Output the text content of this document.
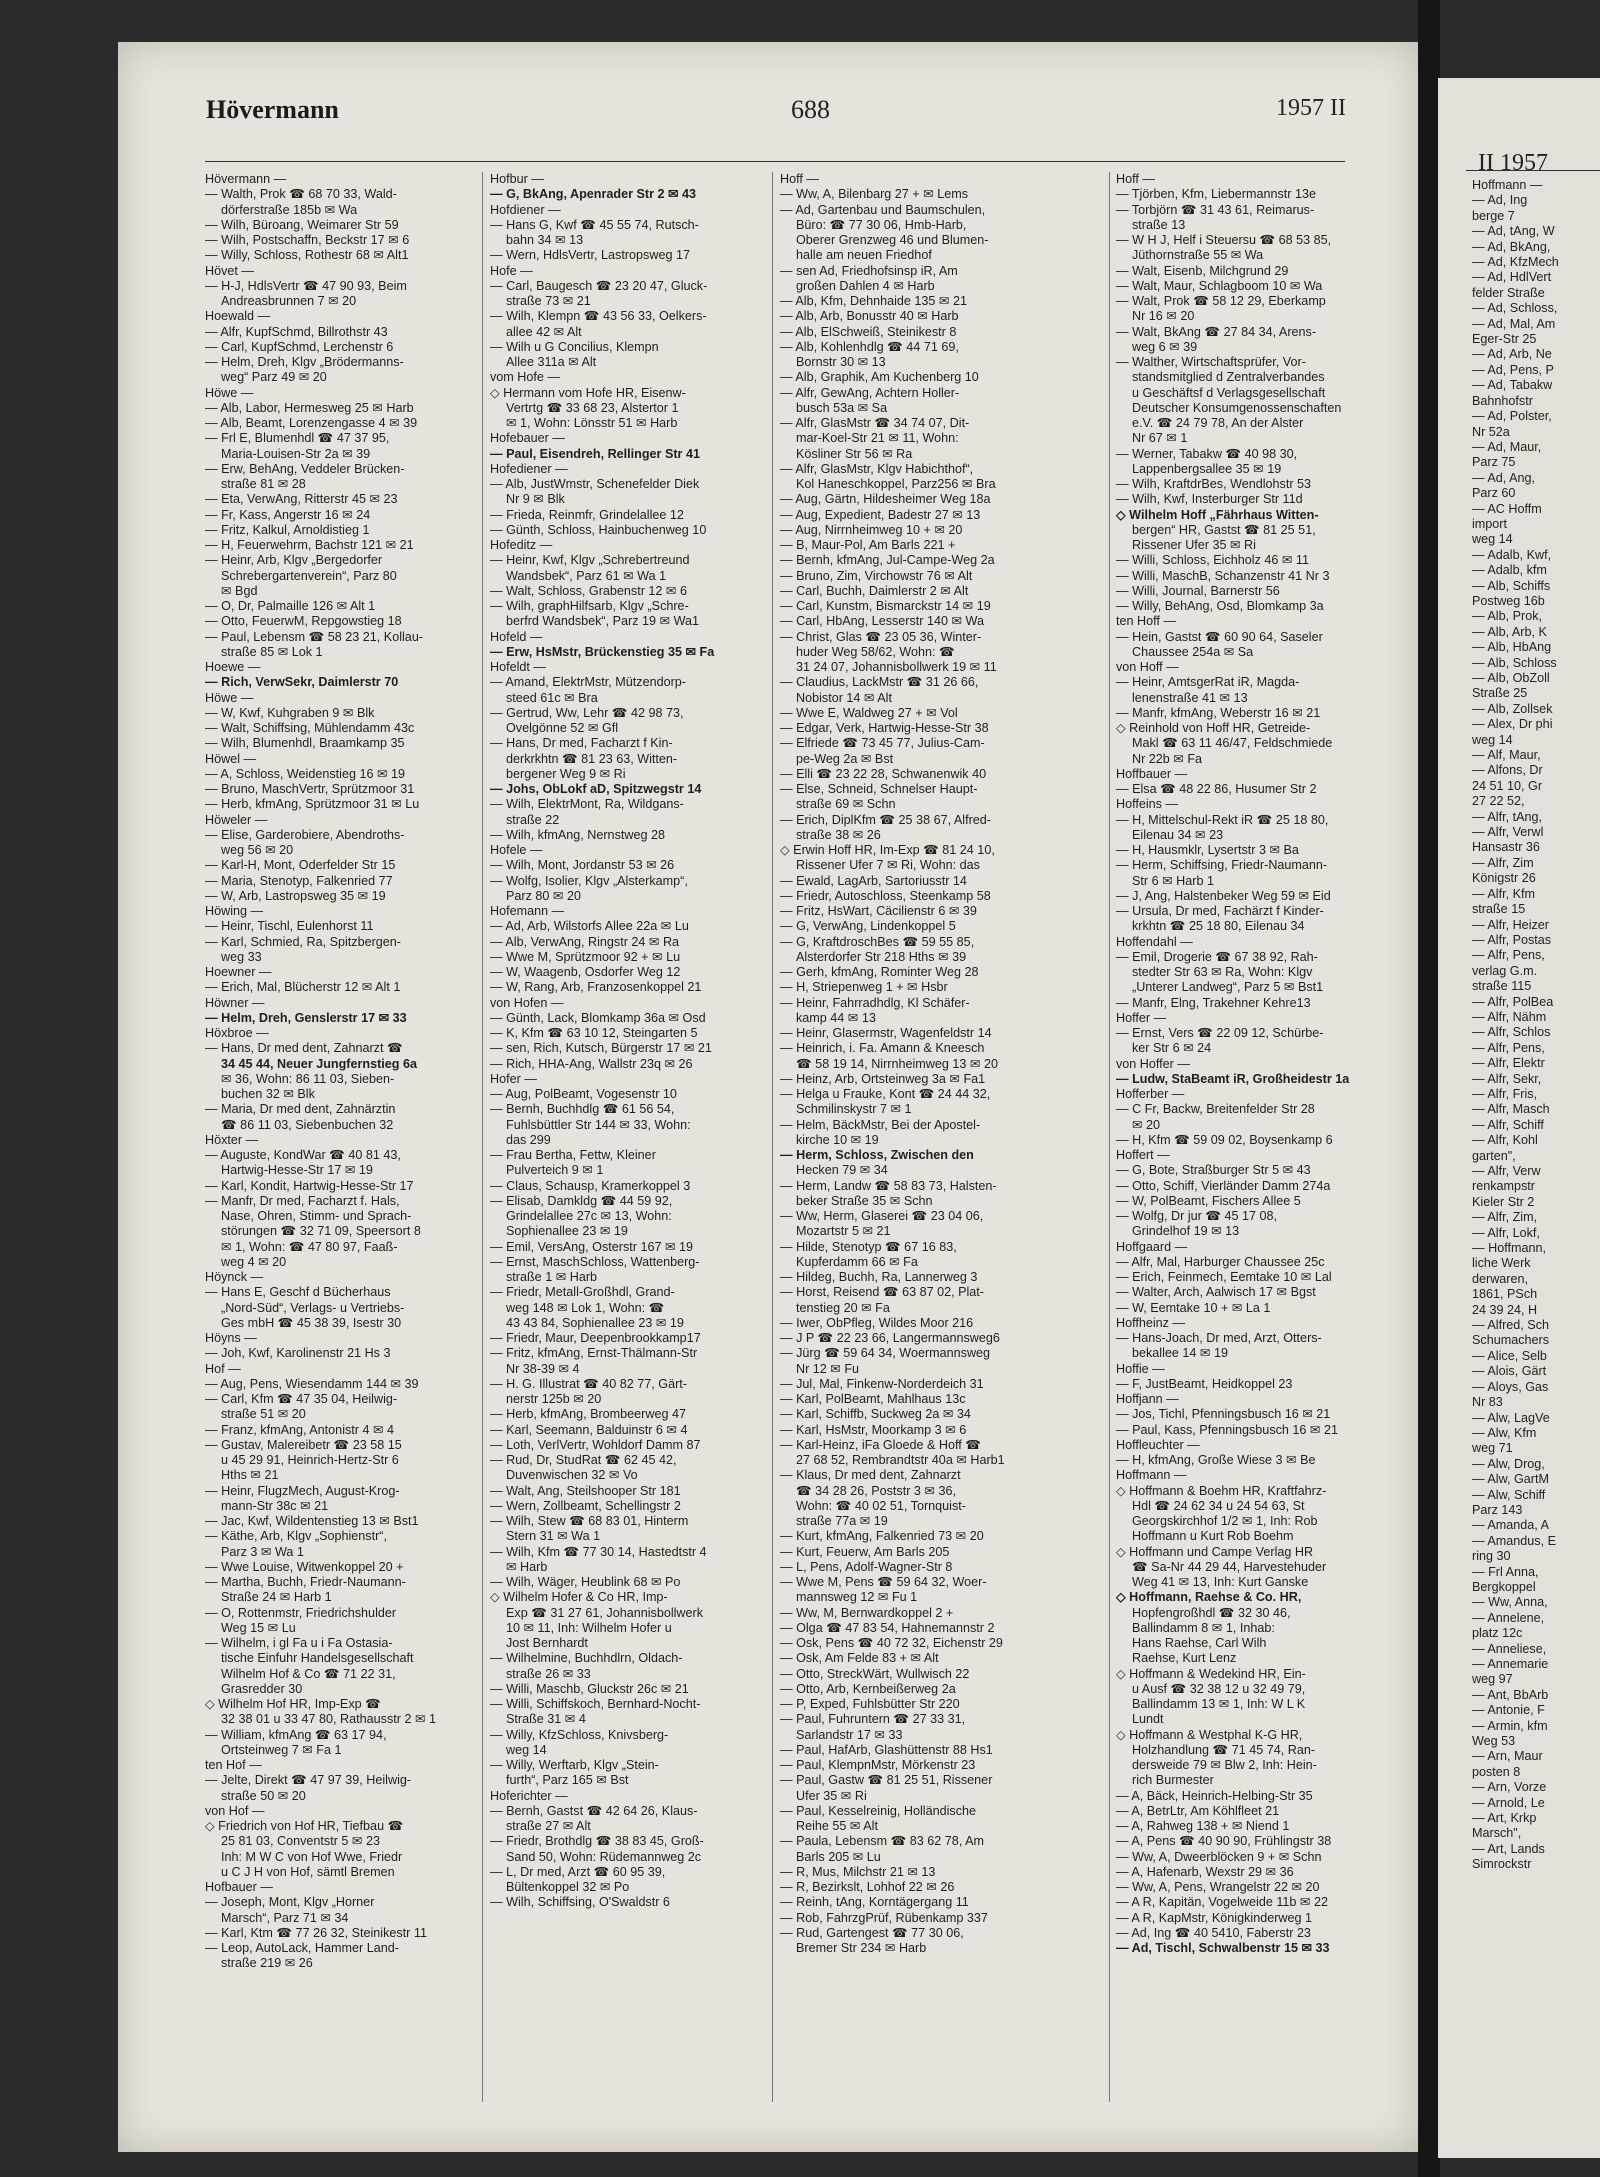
II 1957
Hoffmann —
— Ad, Ing
berge 7
— Ad, tAng, W
— Ad, BkAng,
— Ad, KfzMech
— Ad, HdlVert
felder Straße
— Ad, Schloss,
— Ad, Mal, Am
Eger-Str 25
— Ad, Arb, Ne
— Ad, Pens, P
— Ad, Tabakw
Bahnhofstr
— Ad, Polster,
Nr 52a
— Ad, Maur,
Parz 75
— Ad, Ang,
Parz 60
— AC Hoffm
import
weg 14
— Adalb, Kwf,
— Adalb, kfm
— Alb, Schiffs
Postweg 16b
— Alb, Prok,
— Alb, Arb, K
— Alb, HbAng
— Alb, Schloss
— Alb, ObZoll
Straße 25
— Alb, Zollsek
— Alex, Dr phi
weg 14
— Alf, Maur,
— Alfons, Dr
24 51 10, Gr
27 22 52,
— Alfr, tAng,
— Alfr, Verwl
Hansastr 36
— Alfr, Zim
Königstr 26
— Alfr, Kfm
straße 15
— Alfr, Heizer
— Alfr, Postas
— Alfr, Pens,
verlag G.m.
straße 115
— Alfr, PolBea
— Alfr, Nähm
— Alfr, Schlos
— Alfr, Pens,
— Alfr, Elektr
— Alfr, Sekr,
— Alfr, Fris,
— Alfr, Masch
— Alfr, Schiff
— Alfr, Kohl
garten",
— Alfr, Verw
renkampstr
Kieler Str 2
— Alfr, Zim,
— Alfr, Lokf,
— Hoffmann,
liche Werk
derwaren,
1861, PSch
24 39 24, H
— Alfred, Sch
Schumachers
— Alice, Selb
— Alois, Gärt
— Aloys, Gas
Nr 83
— Alw, LagVe
— Alw, Kfm
weg 71
— Alw, Drog,
— Alw, GartM
— Alw, Schiff
Parz 143
— Amanda, A
— Amandus, E
ring 30
— Frl Anna,
Bergkoppel
— Ww, Anna,
— Annelene,
platz 12c
— Anneliese,
— Annemarie
weg 97
— Ant, BbArb
— Antonie, F
— Armin, kfm
Weg 53
— Arn, Maur
posten 8
— Arn, Vorze
— Arnold, Le
— Art, Krkp
Marsch",
— Art, Lands
Simrockstr
Hövermann	688	1957 II
Hövermann —
— Walth, Prok ☎ 68 70 33, Wald-
dörferstraße 185b ✉ Wa
— Wilh, Büroang, Weimarer Str 59
— Wilh, Postschaffn, Beckstr 17 ✉ 6
— Willy, Schloss, Rothestr 68 ✉ Alt1
Hövet —
— H-J, HdlsVertr ☎ 47 90 93, Beim
Andreasbrunnen 7 ✉ 20
Hoewald —
— Alfr, KupfSchmd, Billrothstr 43
— Carl, KupfSchmd, Lerchenstr 6
— Helm, Dreh, Klgv „Brödermanns-
weg“ Parz 49 ✉ 20
Höwe —
— Alb, Labor, Hermesweg 25 ✉ Harb
— Alb, Beamt, Lorenzengasse 4 ✉ 39
— Frl E, Blumenhdl ☎ 47 37 95,
Maria-Louisen-Str 2a ✉ 39
— Erw, BehAng, Veddeler Brücken-
straße 81 ✉ 28
— Eta, VerwAng, Ritterstr 45 ✉ 23
— Fr, Kass, Angerstr 16 ✉ 24
— Fritz, Kalkul, Arnoldistieg 1
— H, Feuerwehrm, Bachstr 121 ✉ 21
— Heinr, Arb, Klgv „Bergedorfer
Schrebergartenverein“, Parz 80
✉ Bgd
— O, Dr, Palmaille 126 ✉ Alt 1
— Otto, FeuerwM, Repgowstieg 18
— Paul, Lebensm ☎ 58 23 21, Kollau-
straße 85 ✉ Lok 1
Hoewe —
— Rich, VerwSekr, Daimlerstr 70
Höwe —
— W, Kwf, Kuhgraben 9 ✉ Blk
— Walt, Schiffsing, Mühlendamm 43c
— Wilh, Blumenhdl, Braamkamp 35
Höwel —
— A, Schloss, Weidenstieg 16 ✉ 19
— Bruno, MaschVertr, Sprützmoor 31
— Herb, kfmAng, Sprützmoor 31 ✉ Lu
Höweler —
— Elise, Garderobiere, Abendroths-
weg 56 ✉ 20
— Karl-H, Mont, Oderfelder Str 15
— Maria, Stenotyp, Falkenried 77
— W, Arb, Lastropsweg 35 ✉ 19
Höwing —
— Heinr, Tischl, Eulenhorst 11
— Karl, Schmied, Ra, Spitzbergen-
weg 33
Hoewner —
— Erich, Mal, Blücherstr 12 ✉ Alt 1
Höwner —
— Helm, Dreh, Genslerstr 17 ✉ 33
Höxbroe —
— Hans, Dr med dent, Zahnarzt ☎
34 45 44, Neuer Jungfernstieg 6a
✉ 36, Wohn: 86 11 03, Sieben-
buchen 32 ✉ Blk
— Maria, Dr med dent, Zahnärztin
☎ 86 11 03, Siebenbuchen 32
Höxter —
— Auguste, KondWar ☎ 40 81 43,
Hartwig-Hesse-Str 17 ✉ 19
— Karl, Kondit, Hartwig-Hesse-Str 17
— Manfr, Dr med, Facharzt f. Hals,
Nase, Ohren, Stimm- und Sprach-
störungen ☎ 32 71 09, Speersort 8
✉ 1, Wohn: ☎ 47 80 97, Faaß-
weg 4 ✉ 20
Höynck —
— Hans E, Geschf d Bücherhaus
„Nord-Süd“, Verlags- u Vertriebs-
Ges mbH ☎ 45 38 39, Isestr 30
Höyns —
— Joh, Kwf, Karolinenstr 21 Hs 3
Hof —
— Aug, Pens, Wiesendamm 144 ✉ 39
— Carl, Kfm ☎ 47 35 04, Heilwig-
straße 51 ✉ 20
— Franz, kfmAng, Antonistr 4 ✉ 4
— Gustav, Malereibetr ☎ 23 58 15
u 45 29 91, Heinrich-Hertz-Str 6
Hths ✉ 21
— Heinr, FlugzMech, August-Krog-
mann-Str 38c ✉ 21
— Jac, Kwf, Wildentenstieg 13 ✉ Bst1
— Käthe, Arb, Klgv „Sophienstr“,
Parz 3 ✉ Wa 1
— Wwe Louise, Witwenkoppel 20 +
— Martha, Buchh, Friedr-Naumann-
Straße 24 ✉ Harb 1
— O, Rottenmstr, Friedrichshulder
Weg 15 ✉ Lu
— Wilhelm, i gl Fa u i Fa Ostasia-
tische Einfuhr Handelsgesellschaft
Wilhelm Hof & Co ☎ 71 22 31,
Grasredder 30
◇ Wilhelm Hof HR, Imp-Exp ☎
32 38 01 u 33 47 80, Rathausstr 2 ✉ 1
— William, kfmAng ☎ 63 17 94,
Ortsteinweg 7 ✉ Fa 1
ten Hof —
— Jelte, Direkt ☎ 47 97 39, Heilwig-
straße 50 ✉ 20
von Hof —
◇ Friedrich von Hof HR, Tiefbau ☎
25 81 03, Conventstr 5 ✉ 23
Inh: M W C von Hof Wwe, Friedr
u C J H von Hof, sämtl Bremen
Hofbauer —
— Joseph, Mont, Klgv „Horner
Marsch“, Parz 71 ✉ 34
— Karl, Ktm ☎ 77 26 32, Steinikestr 11
— Leop, AutoLack, Hammer Land-
straße 219 ✉ 26
Hofbur —
— G, BkAng, Apenrader Str 2 ✉ 43
Hofdiener —
— Hans G, Kwf ☎ 45 55 74, Rutsch-
bahn 34 ✉ 13
— Wern, HdlsVertr, Lastropsweg 17
Hofe —
— Carl, Baugesch ☎ 23 20 47, Gluck-
straße 73 ✉ 21
— Wilh, Klempn ☎ 43 56 33, Oelkers-
allee 42 ✉ Alt
— Wilh u G Concilius, Klempn
Allee 311a ✉ Alt
vom Hofe —
◇ Hermann vom Hofe HR, Eisenw-
Vertrtg ☎ 33 68 23, Alstertor 1
✉ 1, Wohn: Lönsstr 51 ✉ Harb
Hofebauer —
— Paul, Eisendreh, Rellinger Str 41
Hofediener —
— Alb, JustWmstr, Schenefelder Diek
Nr 9 ✉ Blk
— Frieda, Reinmfr, Grindelallee 12
— Günth, Schloss, Hainbuchenweg 10
Hofeditz —
— Heinr, Kwf, Klgv „Schrebertreund
Wandsbek“, Parz 61 ✉ Wa 1
— Walt, Schloss, Grabenstr 12 ✉ 6
— Wilh, graphHilfsarb, Klgv „Schre-
berfrd Wandsbek“, Parz 19 ✉ Wa1
Hofeld —
— Erw, HsMstr, Brückenstieg 35 ✉ Fa
Hofeldt —
— Amand, ElektrMstr, Mützendorp-
steed 61c ✉ Bra
— Gertrud, Ww, Lehr ☎ 42 98 73,
Ovelgönne 52 ✉ Gfl
— Hans, Dr med, Facharzt f Kin-
derkrkhtn ☎ 81 23 63, Witten-
bergener Weg 9 ✉ Ri
— Johs, ObLokf aD, Spitzwegstr 14
— Wilh, ElektrMont, Ra, Wildgans-
straße 22
— Wilh, kfmAng, Nernstweg 28
Hofele —
— Wilh, Mont, Jordanstr 53 ✉ 26
— Wolfg, Isolier, Klgv „Alsterkamp“,
Parz 80 ✉ 20
Hofemann —
— Ad, Arb, Wilstorfs Allee 22a ✉ Lu
— Alb, VerwAng, Ringstr 24 ✉ Ra
— Wwe M, Sprützmoor 92 + ✉ Lu
— W, Waagenb, Osdorfer Weg 12
— W, Rang, Arb, Franzosenkoppel 21
von Hofen —
— Günth, Lack, Blomkamp 36a ✉ Osd
— K, Kfm ☎ 63 10 12, Steingarten 5
— sen, Rich, Kutsch, Bürgerstr 17 ✉ 21
— Rich, HHA-Ang, Wallstr 23q ✉ 26
Hofer —
— Aug, PolBeamt, Vogesenstr 10
— Bernh, Buchhdlg ☎ 61 56 54,
Fuhlsbüttler Str 144 ✉ 33, Wohn:
das 299
— Frau Bertha, Fettw, Kleiner
Pulverteich 9 ✉ 1
— Claus, Schausp, Kramerkoppel 3
— Elisab, Damkldg ☎ 44 59 92,
Grindelallee 27c ✉ 13, Wohn:
Sophienallee 23 ✉ 19
— Emil, VersAng, Osterstr 167 ✉ 19
— Ernst, MaschSchloss, Wattenberg-
straße 1 ✉ Harb
— Friedr, Metall-Großhdl, Grand-
weg 148 ✉ Lok 1, Wohn: ☎
43 43 84, Sophienallee 23 ✉ 19
— Friedr, Maur, Deepenbrookkamp17
— Fritz, kfmAng, Ernst-Thälmann-Str
Nr 38-39 ✉ 4
— H. G. Illustrat ☎ 40 82 77, Gärt-
nerstr 125b ✉ 20
— Herb, kfmAng, Brombeerweg 47
— Karl, Seemann, Balduinstr 6 ✉ 4
— Loth, VerlVertr, Wohldorf Damm 87
— Rud, Dr, StudRat ☎ 62 45 42,
Duvenwischen 32 ✉ Vo
— Walt, Ang, Steilshooper Str 181
— Wern, Zollbeamt, Schellingstr 2
— Wilh, Stew ☎ 68 83 01, Hinterm
Stern 31 ✉ Wa 1
— Wilh, Kfm ☎ 77 30 14, Hastedtstr 4
✉ Harb
— Wilh, Wäger, Heublink 68 ✉ Po
◇ Wilhelm Hofer & Co HR, Imp-
Exp ☎ 31 27 61, Johannisbollwerk
10 ✉ 11, Inh: Wilhelm Hofer u
Jost Bernhardt
— Wilhelmine, Buchhdlrn, Oldach-
straße 26 ✉ 33
— Willi, Maschb, Gluckstr 26c ✉ 21
— Willi, Schiffskoch, Bernhard-Nocht-
Straße 31 ✉ 4
— Willy, KfzSchloss, Knivsberg-
weg 14
— Willy, Werftarb, Klgv „Stein-
furth“, Parz 165 ✉ Bst
Hoferichter —
— Bernh, Gastst ☎ 42 64 26, Klaus-
straße 27 ✉ Alt
— Friedr, Brothdlg ☎ 38 83 45, Groß-
Sand 50, Wohn: Rüdemannweg 2c
— L, Dr med, Arzt ☎ 60 95 39,
Bültenkoppel 32 ✉ Po
— Wilh, Schiffsing, O'Swaldstr 6
Hoff —
— Ww, A, Bilenbarg 27 + ✉ Lems
— Ad, Gartenbau und Baumschulen,
Büro: ☎ 77 30 06, Hmb-Harb,
Oberer Grenzweg 46 und Blumen-
halle am neuen Friedhof
— sen Ad, Friedhofsinsp iR, Am
großen Dahlen 4 ✉ Harb
— Alb, Kfm, Dehnhaide 135 ✉ 21
— Alb, Arb, Bonusstr 40 ✉ Harb
— Alb, ElSchweiß, Steinikestr 8
— Alb, Kohlenhdlg ☎ 44 71 69,
Bornstr 30 ✉ 13
— Alb, Graphik, Am Kuchenberg 10
— Alfr, GewAng, Achtern Holler-
busch 53a ✉ Sa
— Alfr, GlasMstr ☎ 34 74 07, Dit-
mar-Koel-Str 21 ✉ 11, Wohn:
Kösliner Str 56 ✉ Ra
— Alfr, GlasMstr, Klgv Habichthof“,
Kol Haneschkoppel, Parz256 ✉ Bra
— Aug, Gärtn, Hildesheimer Weg 18a
— Aug, Expedient, Badestr 27 ✉ 13
— Aug, Nirrnheimweg 10 + ✉ 20
— B, Maur-Pol, Am Barls 221 +
— Bernh, kfmAng, Jul-Campe-Weg 2a
— Bruno, Zim, Virchowstr 76 ✉ Alt
— Carl, Buchh, Daimlerstr 2 ✉ Alt
— Carl, Kunstm, Bismarckstr 14 ✉ 19
— Carl, HbAng, Lesserstr 140 ✉ Wa
— Christ, Glas ☎ 23 05 36, Winter-
huder Weg 58/62, Wohn: ☎
31 24 07, Johannisbollwerk 19 ✉ 11
— Claudius, LackMstr ☎ 31 26 66,
Nobistor 14 ✉ Alt
— Wwe E, Waldweg 27 + ✉ Vol
— Edgar, Verk, Hartwig-Hesse-Str 38
— Elfriede ☎ 73 45 77, Julius-Cam-
pe-Weg 2a ✉ Bst
— Elli ☎ 23 22 28, Schwanenwik 40
— Else, Schneid, Schnelser Haupt-
straße 69 ✉ Schn
— Erich, DiplKfm ☎ 25 38 67, Alfred-
straße 38 ✉ 26
◇ Erwin Hoff HR, Im-Exp ☎ 81 24 10,
Rissener Ufer 7 ✉ Ri, Wohn: das
— Ewald, LagArb, Sartoriusstr 14
— Friedr, Autoschloss, Steenkamp 58
— Fritz, HsWart, Cäcilienstr 6 ✉ 39
— G, VerwAng, Lindenkoppel 5
— G, KraftdroschBes ☎ 59 55 85,
Alsterdorfer Str 218 Hths ✉ 39
— Gerh, kfmAng, Rominter Weg 28
— H, Striepenweg 1 + ✉ Hsbr
— Heinr, Fahrradhdlg, Kl Schäfer-
kamp 44 ✉ 13
— Heinr, Glasermstr, Wagenfeldstr 14
— Heinrich, i. Fa. Amann & Kneesch
☎ 58 19 14, Nirrnheimweg 13 ✉ 20
— Heinz, Arb, Ortsteinweg 3a ✉ Fa1
— Helga u Frauke, Kont ☎ 24 44 32,
Schmilinskystr 7 ✉ 1
— Helm, BäckMstr, Bei der Apostel-
kirche 10 ✉ 19
— Herm, Schloss, Zwischen den
Hecken 79 ✉ 34
— Herm, Landw ☎ 58 83 73, Halsten-
beker Straße 35 ✉ Schn
— Ww, Herm, Glaserei ☎ 23 04 06,
Mozartstr 5 ✉ 21
— Hilde, Stenotyp ☎ 67 16 83,
Kupferdamm 66 ✉ Fa
— Hildeg, Buchh, Ra, Lannerweg 3
— Horst, Reisend ☎ 63 87 02, Plat-
tenstieg 20 ✉ Fa
— Iwer, ObPfleg, Wildes Moor 216
— J P ☎ 22 23 66, Langermannsweg6
— Jürg ☎ 59 64 34, Woermannsweg
Nr 12 ✉ Fu
— Jul, Mal, Finkenw-Norderdeich 31
— Karl, PolBeamt, Mahlhaus 13c
— Karl, Schiffb, Suckweg 2a ✉ 34
— Karl, HsMstr, Moorkamp 3 ✉ 6
— Karl-Heinz, iFa Gloede & Hoff ☎
27 68 52, Rembrandtstr 40a ✉ Harb1
— Klaus, Dr med dent, Zahnarzt
☎ 34 28 26, Poststr 3 ✉ 36,
Wohn: ☎ 40 02 51, Tornquist-
straße 77a ✉ 19
— Kurt, kfmAng, Falkenried 73 ✉ 20
— Kurt, Feuerw, Am Barls 205
— L, Pens, Adolf-Wagner-Str 8
— Wwe M, Pens ☎ 59 64 32, Woer-
mannsweg 12 ✉ Fu 1
— Ww, M, Bernwardkoppel 2 +
— Olga ☎ 47 83 54, Hahnemannstr 2
— Osk, Pens ☎ 40 72 32, Eichenstr 29
— Osk, Am Felde 83 + ✉ Alt
— Otto, StreckWärt, Wullwisch 22
— Otto, Arb, Kernbeißerweg 2a
— P, Exped, Fuhlsbütter Str 220
— Paul, Fuhruntern ☎ 27 33 31,
Sarlandstr 17 ✉ 33
— Paul, HafArb, Glashüttenstr 88 Hs1
— Paul, KlempnMstr, Mörkenstr 23
— Paul, Gastw ☎ 81 25 51, Rissener
Ufer 35 ✉ Ri
— Paul, Kesselreinig, Holländische
Reihe 55 ✉ Alt
— Paula, Lebensm ☎ 83 62 78, Am
Barls 205 ✉ Lu
— R, Mus, Milchstr 21 ✉ 13
— R, Bezirkslt, Lohhof 22 ✉ 26
— Reinh, tAng, Korntägergang 11
— Rob, FahrzgPrüf, Rübenkamp 337
— Rud, Gartengest ☎ 77 30 06,
Bremer Str 234 ✉ Harb
Hoff —
— Tjörben, Kfm, Liebermannstr 13e
— Torbjörn ☎ 31 43 61, Reimarus-
straße 13
— W H J, Helf i Steuersu ☎ 68 53 85,
Jüthornstraße 55 ✉ Wa
— Walt, Eisenb, Milchgrund 29
— Walt, Maur, Schlagboom 10 ✉ Wa
— Walt, Prok ☎ 58 12 29, Eberkamp
Nr 16 ✉ 20
— Walt, BkAng ☎ 27 84 34, Arens-
weg 6 ✉ 39
— Walther, Wirtschaftsprüfer, Vor-
standsmitglied d Zentralverbandes
u Geschäftsf d Verlagsgesellschaft
Deutscher Konsumgenossenschaften
e.V. ☎ 24 79 78, An der Alster
Nr 67 ✉ 1
— Werner, Tabakw ☎ 40 98 30,
Lappenbergsallee 35 ✉ 19
— Wilh, KraftdrBes, Wendlohstr 53
— Wilh, Kwf, Insterburger Str 11d
◇ Wilhelm Hoff „Fährhaus Witten-
bergen“ HR, Gastst ☎ 81 25 51,
Rissener Ufer 35 ✉ Ri
— Willi, Schloss, Eichholz 46 ✉ 11
— Willi, MaschB, Schanzenstr 41 Nr 3
— Willi, Journal, Barnerstr 56
— Willy, BehAng, Osd, Blomkamp 3a
ten Hoff —
— Hein, Gastst ☎ 60 90 64, Saseler
Chaussee 254a ✉ Sa
von Hoff —
— Heinr, AmtsgerRat iR, Magda-
lenenstraße 41 ✉ 13
— Manfr, kfmAng, Weberstr 16 ✉ 21
◇ Reinhold von Hoff HR, Getreide-
Makl ☎ 63 11 46/47, Feldschmiede
Nr 22b ✉ Fa
Hoffbauer —
— Elsa ☎ 48 22 86, Husumer Str 2
Hoffeins —
— H, Mittelschul-Rekt iR ☎ 25 18 80,
Eilenau 34 ✉ 23
— H, Hausmklr, Lysertstr 3 ✉ Ba
— Herm, Schiffsing, Friedr-Naumann-
Str 6 ✉ Harb 1
— J, Ang, Halstenbeker Weg 59 ✉ Eid
— Ursula, Dr med, Fachärzt f Kinder-
krkhtn ☎ 25 18 80, Eilenau 34
Hoffendahl —
— Emil, Drogerie ☎ 67 38 92, Rah-
stedter Str 63 ✉ Ra, Wohn: Klgv
„Unterer Landweg“, Parz 5 ✉ Bst1
— Manfr, Elng, Trakehner Kehre13
Hoffer —
— Ernst, Vers ☎ 22 09 12, Schürbe-
ker Str 6 ✉ 24
von Hoffer —
— Ludw, StaBeamt iR, Großheidestr 1a
Hofferber —
— C Fr, Backw, Breitenfelder Str 28
✉ 20
— H, Kfm ☎ 59 09 02, Boysenkamp 6
Hoffert —
— G, Bote, Straßburger Str 5 ✉ 43
— Otto, Schiff, Vierländer Damm 274a
— W, PolBeamt, Fischers Allee 5
— Wolfg, Dr jur ☎ 45 17 08,
Grindelhof 19 ✉ 13
Hoffgaard —
— Alfr, Mal, Harburger Chaussee 25c
— Erich, Feinmech, Eemtake 10 ✉ Lal
— Walter, Arch, Aalwisch 17 ✉ Bgst
— W, Eemtake 10 + ✉ La 1
Hoffheinz —
— Hans-Joach, Dr med, Arzt, Otters-
bekallee 14 ✉ 19
Hoffie —
— F, JustBeamt, Heidkoppel 23
Hoffjann —
— Jos, Tichl, Pfenningsbusch 16 ✉ 21
— Paul, Kass, Pfenningsbusch 16 ✉ 21
Hoffleuchter —
— H, kfmAng, Große Wiese 3 ✉ Be
Hoffmann —
◇ Hoffmann & Boehm HR, Kraftfahrz-
Hdl ☎ 24 62 34 u 24 54 63, St
Georgskirchhof 1/2 ✉ 1, Inh: Rob
Hoffmann u Kurt Rob Boehm
◇ Hoffmann und Campe Verlag HR
☎ Sa-Nr 44 29 44, Harvestehuder
Weg 41 ✉ 13, Inh: Kurt Ganske
◇ Hoffmann, Raehse & Co. HR,
Hopfengroßhdl ☎ 32 30 46,
Ballindamm 8 ✉ 1, Inhab:
Hans Raehse, Carl Wilh
Raehse, Kurt Lenz
◇ Hoffmann & Wedekind HR, Ein-
u Ausf ☎ 32 38 12 u 32 49 79,
Ballindamm 13 ✉ 1, Inh: W L K
Lundt
◇ Hoffmann & Westphal K-G HR,
Holzhandlung ☎ 71 45 74, Ran-
dersweide 79 ✉ Blw 2, Inh: Hein-
rich Burmester
— A, Bäck, Heinrich-Helbing-Str 35
— A, BetrLtr, Am Köhlfleet 21
— A, Rahweg 138 + ✉ Niend 1
— A, Pens ☎ 40 90 90, Frühlingstr 38
— Ww, A, Dweerblöcken 9 + ✉ Schn
— A, Hafenarb, Wexstr 29 ✉ 36
— Ww, A, Pens, Wrangelstr 22 ✉ 20
— A R, Kapitän, Vogelweide 11b ✉ 22
— A R, KapMstr, Königkinderweg 1
— Ad, Ing ☎ 40 5410, Faberstr 23
— Ad, Tischl, Schwalbenstr 15 ✉ 33
